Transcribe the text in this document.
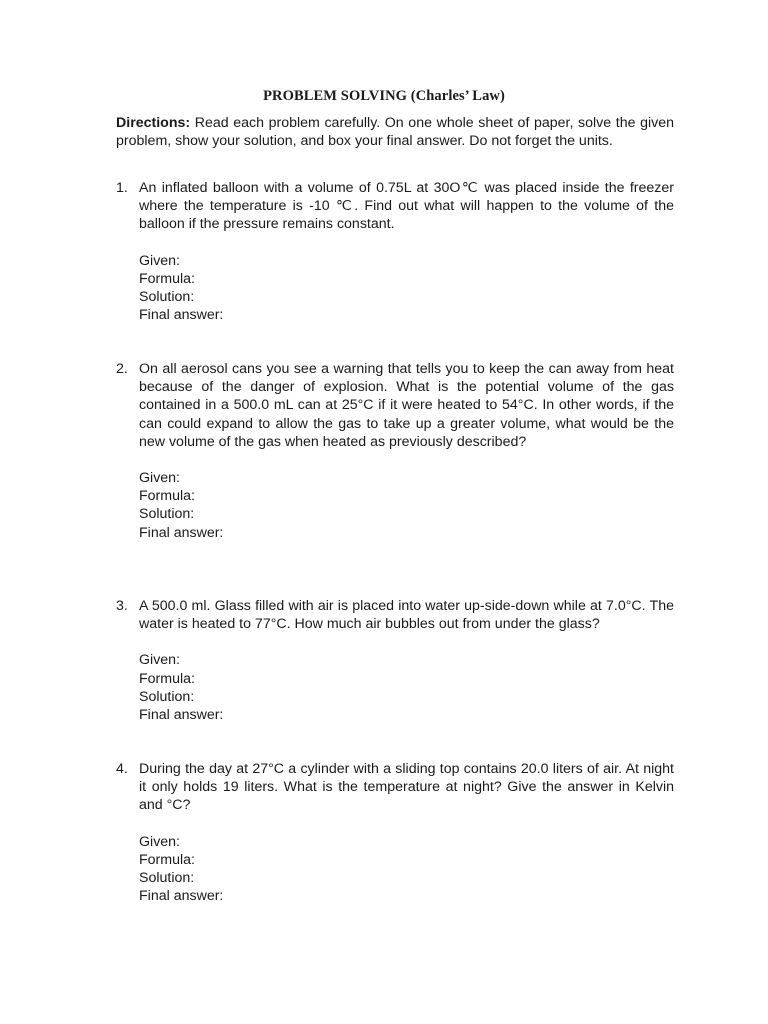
PROBLEM SOLVING (Charles’ Law)
Directions: Read each problem carefully. On one whole sheet of paper, solve the given problem, show your solution, and box your final answer. Do not forget the units.
1. An inflated balloon with a volume of 0.75L at 30O℃ was placed inside the freezer where the temperature is -10 ℃. Find out what will happen to the volume of the balloon if the pressure remains constant.
Given:
Formula:
Solution:
Final answer:
2. On all aerosol cans you see a warning that tells you to keep the can away from heat because of the danger of explosion. What is the potential volume of the gas contained in a 500.0 mL can at 25°C if it were heated to 54°C. In other words, if the can could expand to allow the gas to take up a greater volume, what would be the new volume of the gas when heated as previously described?
Given:
Formula:
Solution:
Final answer:
3. A 500.0 ml. Glass filled with air is placed into water up-side-down while at 7.0°C. The water is heated to 77°C. How much air bubbles out from under the glass?
Given:
Formula:
Solution:
Final answer:
4. During the day at 27°C a cylinder with a sliding top contains 20.0 liters of air. At night it only holds 19 liters. What is the temperature at night? Give the answer in Kelvin and °C?
Given:
Formula:
Solution:
Final answer:
